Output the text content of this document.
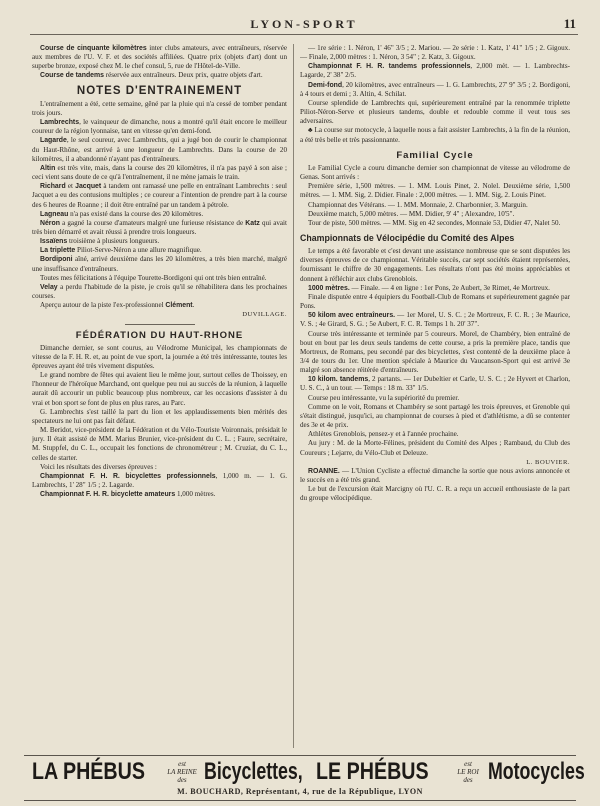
LYON-SPORT	11

Course de cinquante kilomètres inter clubs amateurs, avec entraîneurs, réservée aux membres de l'U. V. F. et des sociétés affiliées. Quatre prix (objets d'art) dont un superbe bronze, exposé chez M. le chef consul, 5, rue de l'Hôtel-de-Ville.

Course de tandems réservée aux entraîneurs. Deux prix, quatre objets d'art.

NOTES D'ENTRAINEMENT

L'entraînement a été, cette semaine, gêné par la pluie qui n'a cessé de tomber pendant trois jours.

Lambrechts, le vainqueur de dimanche, nous a montré qu'il était encore le meilleur coureur de la région lyonnaise, tant en vitesse qu'en demi-fond.

Lagarde, le seul coureur, avec Lambrechts, qui a jugé bon de courir le championnat du Haut-Rhône, est arrivé à une longueur de Lambrechts. Dans la course de 20 kilomètres, il a abandonné n'ayant pas d'entraîneurs.

Altin est très vite, mais, dans la course des 20 kilomètres, il n'a pas payé à son aise ; ceci vient sans doute de ce qu'à l'entraînement, il ne mène jamais le train.

Richard et Jacquet à tandem ont ramassé une pelle en entraînant Lambrechts : seul Jacquet a eu des contusions multiples ; ce coureur a l'intention de prendre part à la course des 6 heures de Roanne ; il doit être entraîné par un tandem à pétrole.

Lagneau n'a pas existé dans la course des 20 kilomètres.

Néron a gagné la course d'amateurs malgré une furieuse résistance de Katz qui avait très bien démarré et avait réussi à prendre trois longueurs.

Issaïens troisième à plusieurs longueurs.

La triplette Piliot-Serve-Néron a une allure magnifique.

Bordiponi aîné, arrivé deuxième dans les 20 kilomètres, a très bien marché, malgré une insuffisance d'entraîneurs.

Toutes mes félicitations à l'équipe Tourette-Bordigoni qui ont très bien entraîné.

Velay a perdu l'habitude de la piste, je crois qu'il se réhabilitera dans les prochaines courses.

Aperçu autour de la piste l'ex-professionnel Clément.

DUVILLAGE.
FÉDÉRATION DU HAUT-RHONE

Dimanche dernier, se sont courus, au Vélodrome Municipal, les championnats de vitesse de la F. H. R. et, au point de vue sport, la journée a été très intéressante, toutes les épreuves ayant été très vivement disputées.

Le grand nombre de fêtes qui avaient lieu le même jour, surtout celles de Thoissey, en l'honneur de l'héroïque Marchand, ont quelque peu nui au succès de la réunion, à laquelle aurait dû accourir un public beaucoup plus nombreux, car les occasions d'assister à du vrai et bon sport se font de plus en plus rares, au Parc.

G. Lambrechts s'est taillé la part du lion et les applaudissements bien mérités des spectateurs ne lui ont pas fait défaut.

M. Beridot, vice-président de la Fédération et du Vélo-Touriste Voironnais, présidait le jury. Il était assisté de MM. Marius Brunier, vice-président du C. L. ; Faure, secrétaire, M. Stuppfel, du C. L., occupait les fonctions de chronométreur ; M. Cruziat, du C. L., celles de starter.

Voici les résultats des diverses épreuves :

Championnat F. H. R. bicyclettes professionnels, 1,000 m. — 1. G. Lambrechts, 1' 28" 1/5 ; 2. Lagarde.

Championnat F. H. R. bicyclette amateurs 1,000 mètres.

— 1re série : 1. Néron, 1' 46" 3/5 ; 2. Mariou. — 2e série : 1. Katz, 1' 41" 1/5 ; 2. Gigoux. — Finale, 2,000 mètres : 1. Néron, 3 54" ; 2. Katz, 3. Gigoux.

Championnat F. H. R. tandems professionnels, 2,000 mèt. — 1. Lambrechts-Lagarde, 2' 38" 2/5.

Demi-fond, 20 kilomètres, avec entraîneurs — 1. G. Lambrechts, 27' 9" 3/5 ; 2. Bordigoni, à 4 tours et demi ; 3. Altin, 4. Schilat.

Course splendide de Lambrechts qui, supérieurement entraîné par la renommée triplette Piliot-Néron-Serve et plusieurs tandems, double et redouble comme il veut tous ses adversaires.

♣ La course sur motocycle, à laquelle nous a fait assister Lambrechts, à la fin de la réunion, a été très belle et très passionnante.

Familial Cycle

Le Familial Cycle a couru dimanche dernier son championnat de vitesse au vélodrome de Genas. Sont arrivés :

Première série, 1,500 mètres. — 1. MM. Louis Pinet, 2. Nolel. Deuxième série, 1,500 mètres. — 1. MM. Sig, 2. Didier. Finale : 2,000 mètres. — 1. MM. Sig, 2. Louis Pinet.

Championnat des Vétérans. — 1. MM. Monnaie, 2. Charbonnier, 3. Marguin.

Deuxième match, 5,000 mètres. — MM. Didier, 9' 4" ; Alexandre, 10'5".

Tour de piste, 500 mètres. — MM. Sig en 42 secondes, Monnaie 53, Didier 47, Nalet 50.

Championnats de Vélocipédie du Comité des Alpes

Le temps a été favorable et c'est devant une assistance nombreuse que se sont disputées les diverses épreuves de ce championnat. Véritable succès, car sept sociétés étaient représentées, fournissant le chiffre de 30 engagements. Les résultats n'ont pas été moins appréciables et donnent à réfléchir aux clubs Grenoblois.

1000 mètres. — Finale. — 4 en ligne : 1er Pons, 2e Aubert, 3e Rimet, 4e Mortreux.

Finale disputée entre 4 équipiers du Football-Club de Romans et supérieurement gagnée par Pons.

50 kilom avec entraîneurs. — 1er Morel, U. S. C. ; 2e Mortreux, F. C. R. ; 3e Maurice, V. S. ; 4e Girard, S. G. ; 5e Aubert, F. C. R. Temps 1 h. 20' 37".

Course très intéressante et terminée par 5 coureurs. Morel, de Chambéry, bien entraîné de bout en bout par les deux seuls tandems de cette course, a pris la première place, tandis que Mortreux, de Romans, peu secondé par des bicyclettes, s'est contenté de la deuxième place à 3/4 de tours du 1er. Une mention spéciale à Maurice du Vaucanson-Sport qui est arrivé 3e malgré son absence réitérée d'entraîneurs.

10 kilom. tandems, 2 partants. — 1er Dubeltier et Carle, U. S. C. ; 2e Hyvert et Charlon, U. S. C., à un tour. — Temps : 18 m. 33" 1/5.

Course peu intéressante, vu la supériorité du premier.

Comme on le voit, Romans et Chambéry se sont partagé les trois épreuves, et Grenoble qui s'était distingué, jusqu'ici, au championnat de courses à pied et d'athlétisme, a dû se contenter des 3e et 4e prix.

Athlètes Grenoblois, pensez-y et à l'année prochaine.

Au jury : M. de la Morte-Félines, président du Comité des Alpes ; Rambaud, du Club des Coureurs ; Lejarre, du Vélo-Club et Deleuze.

L. BOUVIER.

ROANNE. — L'Union Cycliste a effectué dimanche la sortie que nous avions annoncée et le succès en a été très grand.

Le but de l'excursion était Marcigny où l'U. C. R. a reçu un accueil enthousiaste de la part du groupe vélocipédique.

LA PHÉBUS	est
LA REINE
des Bicyclettes, LE PHÉBUS	est
LE ROI
des Motocycles
M. BOUCHARD, Représentant, 4, rue de la République, LYON
